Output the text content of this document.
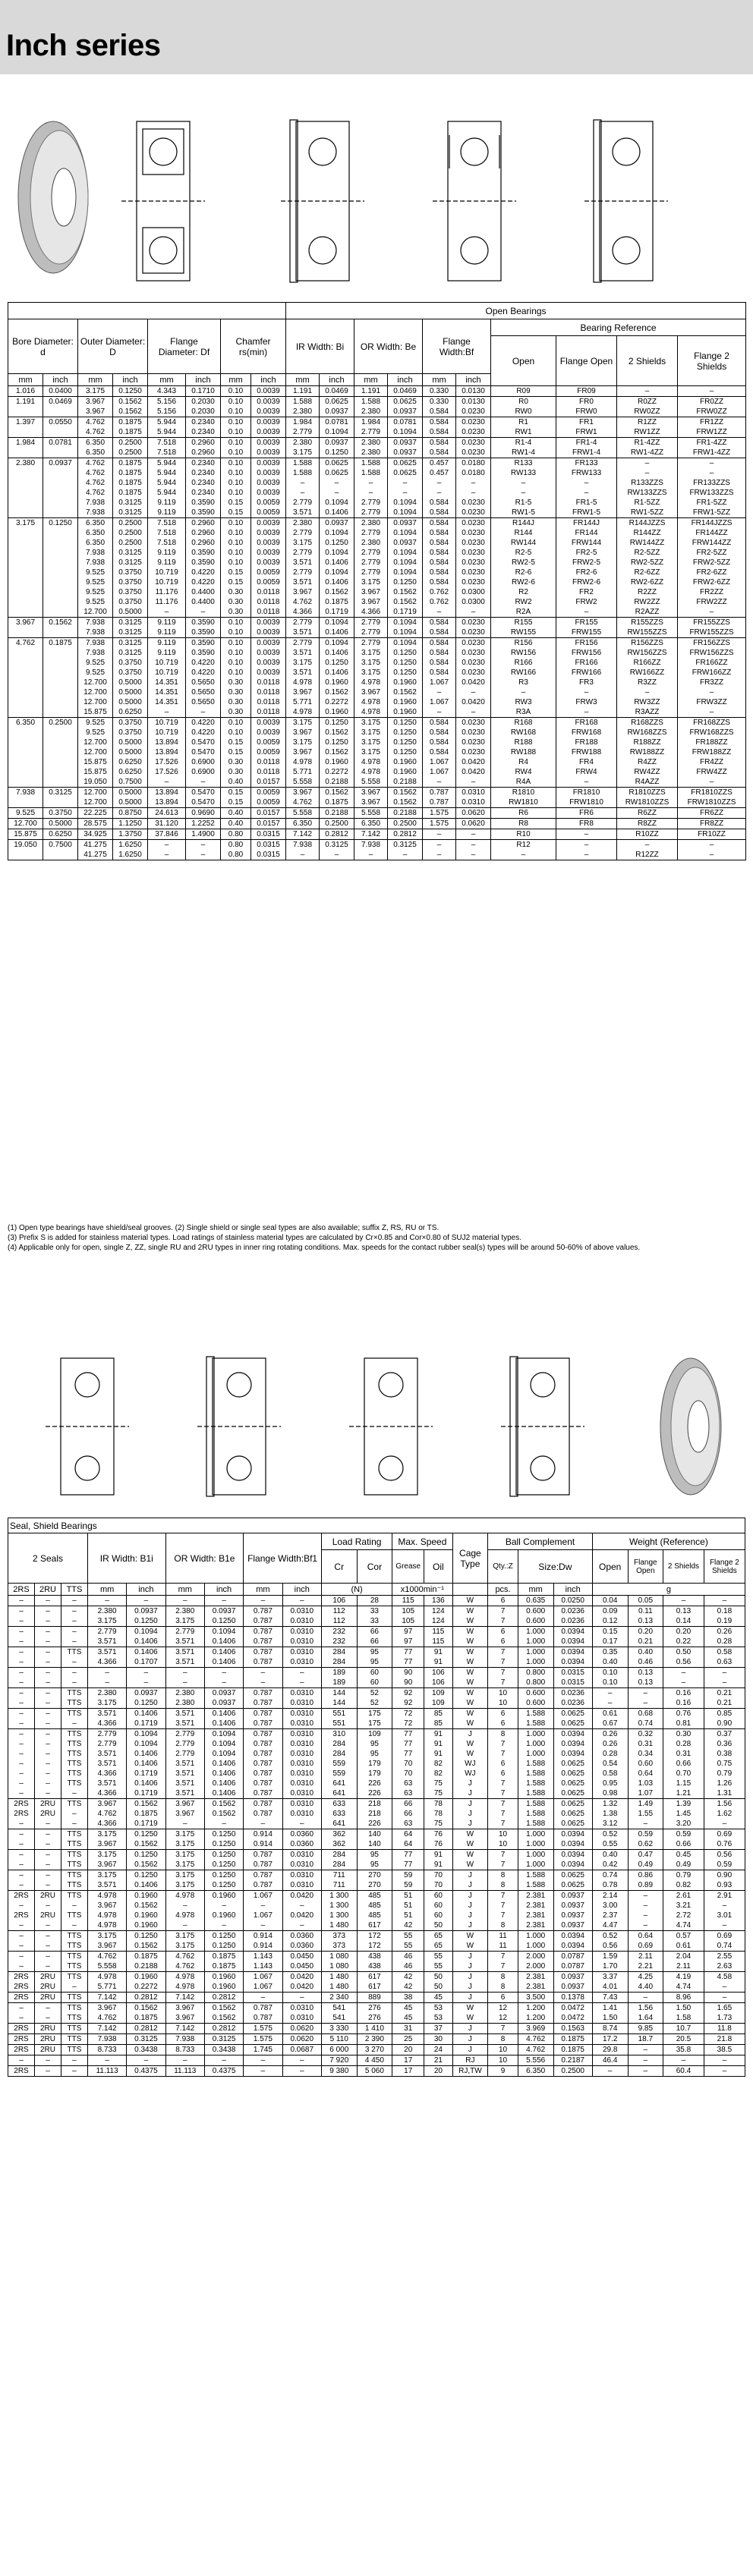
Inch series
								Open Bearings									
Bore Diameter: d		Outer Diameter: D		Flange Diameter: Df		Chamfer rs(min)		IR Width: Bi		OR Width: Be		Flange Width:Bf		Bearing Reference			
														Open	Flange Open	2 Shields	Flange 2 Shields
mm	inch	mm	inch	mm	inch	mm	inch	mm	inch	mm	inch	mm	inch				
1.016	0.0400	3.175	0.1250	4.343	0.1710	0.10	0.0039	1.191	0.0469	1.191	0.0469	0.330	0.0130	R09	FR09	–	–
1.191	0.0469	3.967	0.1562	5.156	0.2030	0.10	0.0039	1.588	0.0625	1.588	0.0625	0.330	0.0130	R0	FR0	R0ZZ	FR0ZZ
		3.967	0.1562	5.156	0.2030	0.10	0.0039	2.380	0.0937	2.380	0.0937	0.584	0.0230	RW0	FRW0	RW0ZZ	FRW0ZZ
1.397	0.0550	4.762	0.1875	5.944	0.2340	0.10	0.0039	1.984	0.0781	1.984	0.0781	0.584	0.0230	R1	FR1	R1ZZ	FR1ZZ
		4.762	0.1875	5.944	0.2340	0.10	0.0039	2.779	0.1094	2.779	0.1094	0.584	0.0230	RW1	FRW1	RW1ZZ	FRW1ZZ
1.984	0.0781	6.350	0.2500	7.518	0.2960	0.10	0.0039	2.380	0.0937	2.380	0.0937	0.584	0.0230	R1-4	FR1-4	R1-4ZZ	FR1-4ZZ
		6.350	0.2500	7.518	0.2960	0.10	0.0039	3.175	0.1250	2.380	0.0937	0.584	0.0230	RW1-4	FRW1-4	RW1-4ZZ	FRW1-4ZZ
2.380	0.0937	4.762	0.1875	5.944	0.2340	0.10	0.0039	1.588	0.0625	1.588	0.0625	0.457	0.0180	R133	FR133	–	–
		4.762	0.1875	5.944	0.2340	0.10	0.0039	1.588	0.0625	1.588	0.0625	0.457	0.0180	RW133	FRW133	–	–
		4.762	0.1875	5.944	0.2340	0.10	0.0039	–	–	–	–	–	–	–	–	R133ZZS	FR133ZZS
		4.762	0.1875	5.944	0.2340	0.10	0.0039	–	–	–	–	–	–	–	–	RW133ZZS	FRW133ZZS
		7.938	0.3125	9.119	0.3590	0.15	0.0059	2.779	0.1094	2.779	0.1094	0.584	0.0230	R1-5	FR1-5	R1-5ZZ	FR1-5ZZ
		7.938	0.3125	9.119	0.3590	0.15	0.0059	3.571	0.1406	2.779	0.1094	0.584	0.0230	RW1-5	FRW1-5	RW1-5ZZ	FRW1-5ZZ
3.175	0.1250	6.350	0.2500	7.518	0.2960	0.10	0.0039	2.380	0.0937	2.380	0.0937	0.584	0.0230	R144J	FR144J	R144JZZS	FR144JZZS
		6.350	0.2500	7.518	0.2960	0.10	0.0039	2.779	0.1094	2.779	0.1094	0.584	0.0230	R144	FR144	R144ZZ	FR144ZZ
		6.350	0.2500	7.518	0.2960	0.10	0.0039	3.175	0.1250	2.380	0.0937	0.584	0.0230	RW144	FRW144	RW144ZZ	FRW144ZZ
		7.938	0.3125	9.119	0.3590	0.10	0.0039	2.779	0.1094	2.779	0.1094	0.584	0.0230	R2-5	FR2-5	R2-5ZZ	FR2-5ZZ
		7.938	0.3125	9.119	0.3590	0.10	0.0039	3.571	0.1406	2.779	0.1094	0.584	0.0230	RW2-5	FRW2-5	RW2-5ZZ	FRW2-5ZZ
		9.525	0.3750	10.719	0.4220	0.15	0.0059	2.779	0.1094	2.779	0.1094	0.584	0.0230	R2-6	FR2-6	R2-6ZZ	FR2-6ZZ
		9.525	0.3750	10.719	0.4220	0.15	0.0059	3.571	0.1406	3.175	0.1250	0.584	0.0230	RW2-6	FRW2-6	RW2-6ZZ	FRW2-6ZZ
		9.525	0.3750	11.176	0.4400	0.30	0.0118	3.967	0.1562	3.967	0.1562	0.762	0.0300	R2	FR2	R2ZZ	FR2ZZ
		9.525	0.3750	11.176	0.4400	0.30	0.0118	4.762	0.1875	3.967	0.1562	0.762	0.0300	RW2	FRW2	RW2ZZ	FRW2ZZ
		12.700	0.5000	–	–	0.30	0.0118	4.366	0.1719	4.366	0.1719	–	–	R2A	–	R2AZZ	–
3.967	0.1562	7.938	0.3125	9.119	0.3590	0.10	0.0039	2.779	0.1094	2.779	0.1094	0.584	0.0230	R155	FR155	R155ZZS	FR155ZZS
		7.938	0.3125	9.119	0.3590	0.10	0.0039	3.571	0.1406	2.779	0.1094	0.584	0.0230	RW155	FRW155	RW155ZZS	FRW155ZZS
4.762	0.1875	7.938	0.3125	9.119	0.3590	0.10	0.0039	2.779	0.1094	2.779	0.1094	0.584	0.0230	R156	FR156	R156ZZS	FR156ZZS
		7.938	0.3125	9.119	0.3590	0.10	0.0039	3.571	0.1406	3.175	0.1250	0.584	0.0230	RW156	FRW156	RW156ZZS	FRW156ZZS
		9.525	0.3750	10.719	0.4220	0.10	0.0039	3.175	0.1250	3.175	0.1250	0.584	0.0230	R166	FR166	R166ZZ	FR166ZZ
		9.525	0.3750	10.719	0.4220	0.10	0.0039	3.571	0.1406	3.175	0.1250	0.584	0.0230	RW166	FRW166	RW166ZZ	FRW166ZZ
		12.700	0.5000	14.351	0.5650	0.30	0.0118	4.978	0.1960	4.978	0.1960	1.067	0.0420	R3	FR3	R3ZZ	FR3ZZ
		12.700	0.5000	14.351	0.5650	0.30	0.0118	3.967	0.1562	3.967	0.1562	–	–	–	–	–	–
		12.700	0.5000	14.351	0.5650	0.30	0.0118	5.771	0.2272	4.978	0.1960	1.067	0.0420	RW3	FRW3	RW3ZZ	FRW3ZZ
		15.875	0.6250	–	–	0.30	0.0118	4.978	0.1960	4.978	0.1960	–	–	R3A	–	R3AZZ	–
6.350	0.2500	9.525	0.3750	10.719	0.4220	0.10	0.0039	3.175	0.1250	3.175	0.1250	0.584	0.0230	R168	FR168	R168ZZS	FR168ZZS
		9.525	0.3750	10.719	0.4220	0.10	0.0039	3.967	0.1562	3.175	0.1250	0.584	0.0230	RW168	FRW168	RW168ZZS	FRW168ZZS
		12.700	0.5000	13.894	0.5470	0.15	0.0059	3.175	0.1250	3.175	0.1250	0.584	0.0230	R188	FR188	R188ZZ	FR188ZZ
		12.700	0.5000	13.894	0.5470	0.15	0.0059	3.967	0.1562	3.175	0.1250	0.584	0.0230	RW188	FRW188	RW188ZZ	FRW188ZZ
		15.875	0.6250	17.526	0.6900	0.30	0.0118	4.978	0.1960	4.978	0.1960	1.067	0.0420	R4	FR4	R4ZZ	FR4ZZ
		15.875	0.6250	17.526	0.6900	0.30	0.0118	5.771	0.2272	4.978	0.1960	1.067	0.0420	RW4	FRW4	RW4ZZ	FRW4ZZ
		19.050	0.7500	–	–	0.40	0.0157	5.558	0.2188	5.558	0.2188	–	–	R4A	–	R4AZZ	–
7.938	0.3125	12.700	0.5000	13.894	0.5470	0.15	0.0059	3.967	0.1562	3.967	0.1562	0.787	0.0310	R1810	FR1810	R1810ZZS	FR1810ZZS
		12.700	0.5000	13.894	0.5470	0.15	0.0059	4.762	0.1875	3.967	0.1562	0.787	0.0310	RW1810	FRW1810	RW1810ZZS	FRW1810ZZS
9.525	0.3750	22.225	0.8750	24.613	0.9690	0.40	0.0157	5.558	0.2188	5.558	0.2188	1.575	0.0620	R6	FR6	R6ZZ	FR6ZZ
12.700	0.5000	28.575	1.1250	31.120	1.2252	0.40	0.0157	6.350	0.2500	6.350	0.2500	1.575	0.0620	R8	FR8	R8ZZ	FR8ZZ
15.875	0.6250	34.925	1.3750	37.846	1.4900	0.80	0.0315	7.142	0.2812	7.142	0.2812	–	–	R10	–	R10ZZ	FR10ZZ
19.050	0.7500	41.275	1.6250	–	–	0.80	0.0315	7.938	0.3125	7.938	0.3125	–	–	R12	–	–	–
		41.275	1.6250	–	–	0.80	0.0315	–	–	–	–	–	–	–	–	R12ZZ	–
(1) Open type bearings have shield/seal grooves. (2) Single shield or single seal types are also available; suffix Z, RS, RU or TS.
(3) Prefix S is added for stainless material types. Load ratings of stainless material types are calculated by Cr×0.85 and Cor×0.80 of SUJ2 material types.
(4) Applicable only for open, single Z, ZZ, single RU and 2RU types in inner ring rotating conditions. Max. speeds for the contact rubber seal(s) types will be around 50-60% of above values.
Seal, Shield Bearings																				
2 Seals			IR Width: B1i		OR Width: B1e		Flange Width:Bf1		Load Rating		Max. Speed		Cage Type	Ball Complement			Weight (Reference)			
									Cr	Cor	Grease	Oil		Qty.:Z	Size:Dw		Open	Flange Open	2 Shields	Flange 2 Shields
2RS	2RU	TTS	mm	inch	mm	inch	mm	inch	(N)		x1000min⁻¹			pcs.	mm	inch	g			
–	–	–	–	–	–	–	–	–	106	28	115	136	W	6	0.635	0.0250	0.04	0.05	–	–
–	–	–	2.380	0.0937	2.380	0.0937	0.787	0.0310	112	33	105	124	W	7	0.600	0.0236	0.09	0.11	0.13	0.18
–	–	–	3.175	0.1250	3.175	0.1250	0.787	0.0310	112	33	105	124	W	7	0.600	0.0236	0.12	0.13	0.14	0.19
–	–	–	2.779	0.1094	2.779	0.1094	0.787	0.0310	232	66	97	115	W	6	1.000	0.0394	0.15	0.20	0.20	0.26
–	–	–	3.571	0.1406	3.571	0.1406	0.787	0.0310	232	66	97	115	W	6	1.000	0.0394	0.17	0.21	0.22	0.28
–	–	TTS	3.571	0.1406	3.571	0.1406	0.787	0.0310	284	95	77	91	W	7	1.000	0.0394	0.35	0.40	0.50	0.58
–	–	–	4.366	0.1707	3.571	0.1406	0.787	0.0310	284	95	77	91	W	7	1.000	0.0394	0.40	0.46	0.56	0.63
–	–	–	–	–	–	–	–	–	189	60	90	106	W	7	0.800	0.0315	0.10	0.13	–	–
–	–	–	–	–	–	–	–	–	189	60	90	106	W	7	0.800	0.0315	0.10	0.13	–	–
–	–	TTS	2.380	0.0937	2.380	0.0937	0.787	0.0310	144	52	92	109	W	10	0.600	0.0236	–	–	0.16	0.21
–	–	TTS	3.175	0.1250	2.380	0.0937	0.787	0.0310	144	52	92	109	W	10	0.600	0.0236	–	–	0.16	0.21
–	–	TTS	3.571	0.1406	3.571	0.1406	0.787	0.0310	551	175	72	85	W	6	1.588	0.0625	0.61	0.68	0.76	0.85
–	–	–	4.366	0.1719	3.571	0.1406	0.787	0.0310	551	175	72	85	W	6	1.588	0.0625	0.67	0.74	0.81	0.90
–	–	TTS	2.779	0.1094	2.779	0.1094	0.787	0.0310	310	109	77	91	J	8	1.000	0.0394	0.26	0.32	0.30	0.37
–	–	TTS	2.779	0.1094	2.779	0.1094	0.787	0.0310	284	95	77	91	W	7	1.000	0.0394	0.26	0.31	0.28	0.36
–	–	TTS	3.571	0.1406	2.779	0.1094	0.787	0.0310	284	95	77	91	W	7	1.000	0.0394	0.28	0.34	0.31	0.38
–	–	TTS	3.571	0.1406	3.571	0.1406	0.787	0.0310	559	179	70	82	WJ	6	1.588	0.0625	0.54	0.60	0.66	0.75
–	–	TTS	4.366	0.1719	3.571	0.1406	0.787	0.0310	559	179	70	82	WJ	6	1.588	0.0625	0.58	0.64	0.70	0.79
–	–	TTS	3.571	0.1406	3.571	0.1406	0.787	0.0310	641	226	63	75	J	7	1.588	0.0625	0.95	1.03	1.15	1.26
–	–	–	4.366	0.1719	3.571	0.1406	0.787	0.0310	641	226	63	75	J	7	1.588	0.0625	0.98	1.07	1.21	1.31
2RS	2RU	TTS	3.967	0.1562	3.967	0.1562	0.787	0.0310	633	218	66	78	J	7	1.588	0.0625	1.32	1.49	1.39	1.56
2RS	2RU	–	4.762	0.1875	3.967	0.1562	0.787	0.0310	633	218	66	78	J	7	1.588	0.0625	1.38	1.55	1.45	1.62
–	–	–	4.366	0.1719	–	–	–	–	641	226	63	75	J	7	1.588	0.0625	3.12	–	3.20	–
–	–	TTS	3.175	0.1250	3.175	0.1250	0.914	0.0360	362	140	64	76	W	10	1.000	0.0394	0.52	0.59	0.59	0.69
–	–	TTS	3.967	0.1562	3.175	0.1250	0.914	0.0360	362	140	64	76	W	10	1.000	0.0394	0.55	0.62	0.66	0.76
–	–	TTS	3.175	0.1250	3.175	0.1250	0.787	0.0310	284	95	77	91	W	7	1.000	0.0394	0.40	0.47	0.45	0.56
–	–	TTS	3.967	0.1562	3.175	0.1250	0.787	0.0310	284	95	77	91	W	7	1.000	0.0394	0.42	0.49	0.49	0.59
–	–	TTS	3.175	0.1250	3.175	0.1250	0.787	0.0310	711	270	59	70	J	8	1.588	0.0625	0.74	0.86	0.79	0.90
–	–	TTS	3.571	0.1406	3.175	0.1250	0.787	0.0310	711	270	59	70	J	8	1.588	0.0625	0.78	0.89	0.82	0.93
2RS	2RU	TTS	4.978	0.1960	4.978	0.1960	1.067	0.0420	1 300	485	51	60	J	7	2.381	0.0937	2.14	–	2.61	2.91
–	–	–	3.967	0.1562	–	–	–	–	1 300	485	51	60	J	7	2.381	0.0937	3.00	–	3.21	–
2RS	2RU	TTS	4.978	0.1960	4.978	0.1960	1.067	0.0420	1 300	485	51	60	J	7	2.381	0.0937	2.37	–	2.72	3.01
–	–	–	4.978	0.1960	–	–	–	–	1 480	617	42	50	J	8	2.381	0.0937	4.47	–	4.74	–
–	–	TTS	3.175	0.1250	3.175	0.1250	0.914	0.0360	373	172	55	65	W	11	1.000	0.0394	0.52	0.64	0.57	0.69
–	–	TTS	3.967	0.1562	3.175	0.1250	0.914	0.0360	373	172	55	65	W	11	1.000	0.0394	0.56	0.69	0.61	0.74
–	–	TTS	4.762	0.1875	4.762	0.1875	1.143	0.0450	1 080	438	46	55	J	7	2.000	0.0787	1.59	2.11	2.04	2.55
–	–	TTS	5.558	0.2188	4.762	0.1875	1.143	0.0450	1 080	438	46	55	J	7	2.000	0.0787	1.70	2.21	2.11	2.63
2RS	2RU	TTS	4.978	0.1960	4.978	0.1960	1.067	0.0420	1 480	617	42	50	J	8	2.381	0.0937	3.37	4.25	4.19	4.58
2RS	2RU	–	5.771	0.2272	4.978	0.1960	1.067	0.0420	1 480	617	42	50	J	8	2.381	0.0937	4.01	4.40	4.74	–
2RS	2RU	TTS	7.142	0.2812	7.142	0.2812	–	–	2 340	889	38	45	J	6	3.500	0.1378	7.43	–	8.96	–
–	–	TTS	3.967	0.1562	3.967	0.1562	0.787	0.0310	541	276	45	53	W	12	1.200	0.0472	1.41	1.56	1.50	1.65
–	–	TTS	4.762	0.1875	3.967	0.1562	0.787	0.0310	541	276	45	53	W	12	1.200	0.0472	1.50	1.64	1.58	1.73
2RS	2RU	TTS	7.142	0.2812	7.142	0.2812	1.575	0.0620	3 330	1 410	31	37	J	7	3.969	0.1563	8.74	9.85	10.7	11.8
2RS	2RU	TTS	7.938	0.3125	7.938	0.3125	1.575	0.0620	5 110	2 390	25	30	J	8	4.762	0.1875	17.2	18.7	20.5	21.8
2RS	2RU	TTS	8.733	0.3438	8.733	0.3438	1.745	0.0687	6 000	3 270	20	24	J	10	4.762	0.1875	29.8	–	35.8	38.5
–	–	–	–	–	–	–	–	–	7 920	4 450	17	21	RJ	10	5.556	0.2187	46.4	–	–	–
2RS	–	–	11.113	0.4375	11.113	0.4375	–	–	9 380	5 060	17	20	RJ,TW	9	6.350	0.2500	–	–	60.4	–
